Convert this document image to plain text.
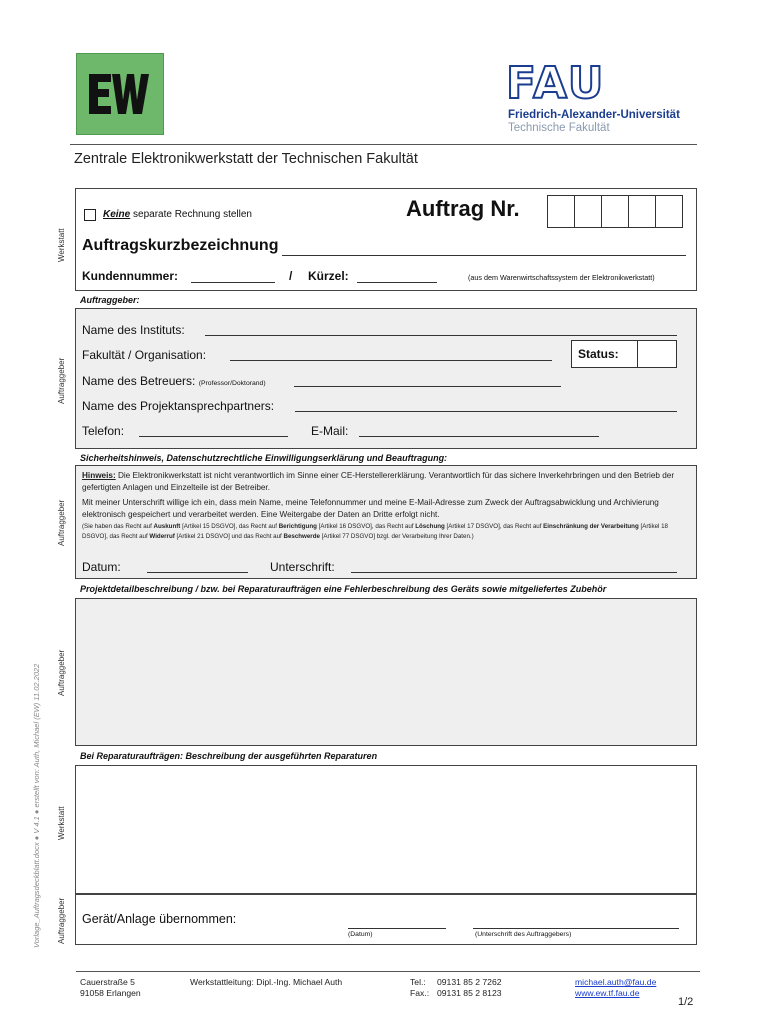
FAU
Friedrich-Alexander-Universität
Technische Fakultät
Zentrale Elektronikwerkstatt der Technischen Fakultät
Vorlage_Auftragsdeckblatt.docx ● V 4.1 ● erstellt von: Auth, Michael (EW) 11.02.2022
Werkstatt
Keine separate Rechnung stellen	Auftrag Nr.
Auftragskurzbezeichnung
Kundennummer:	/ Kürzel:	(aus dem Warenwirtschaftssystem der Elektronikwerkstatt)
Auftraggeber:
Auftraggeber
Name des Instituts:
Fakultät / Organisation:
Name des Betreuers: (Professor/Doktorand)
Name des Projektansprechpartners:
Telefon:	E-Mail:
Status:
Sicherheitshinweis, Datenschutzrechtliche Einwilligungserklärung und Beauftragung:
Auftraggeber
Hinweis: Die Elektronikwerkstatt ist nicht verantwortlich im Sinne einer CE-Herstellererklärung. Verantwortlich für das sichere Inverkehrbringen und den Betrieb der gefertigten Anlagen und Einzelteile ist der Betreiber.
Mit meiner Unterschrift willige ich ein, dass mein Name, meine Telefonnummer und meine E-Mail-Adresse zum Zweck der Auftragsabwicklung und Archivierung elektronisch gespeichert und verarbeitet werden. Eine Weitergabe der Daten an Dritte erfolgt nicht.
(Sie haben das Recht auf Auskunft [Artikel 15 DSGVO], das Recht auf Berichtigung [Artikel 16 DSGVO], das Recht auf Löschung [Artikel 17 DSGVO], das Recht auf Einschränkung der Verarbeitung [Artikel 18 DSGVO], das Recht auf Widerruf [Artikel 21 DSGVO] und das Recht auf Beschwerde [Artikel 77 DSGVO] bzgl. der Verarbeitung Ihrer Daten.)
Datum:	Unterschrift:
Projektdetailbeschreibung / bzw. bei Reparaturaufträgen eine Fehlerbeschreibung des Geräts sowie mitgeliefertes Zubehör
Auftraggeber
Bei Reparaturaufträgen: Beschreibung der ausgeführten Reparaturen
Werkstatt
Auftraggeber Gerät/Anlage übernommen:
(Datum)	(Unterschrift des Auftraggebers)
Cauerstraße 5
91058 Erlangen
Werkstattleitung: Dipl.-Ing. Michael Auth	Tel.: 09131 85 2 7262
Fax.: 09131 85 2 8123
michael.auth@fau.de
www.ew.tf.fau.de
1/2
